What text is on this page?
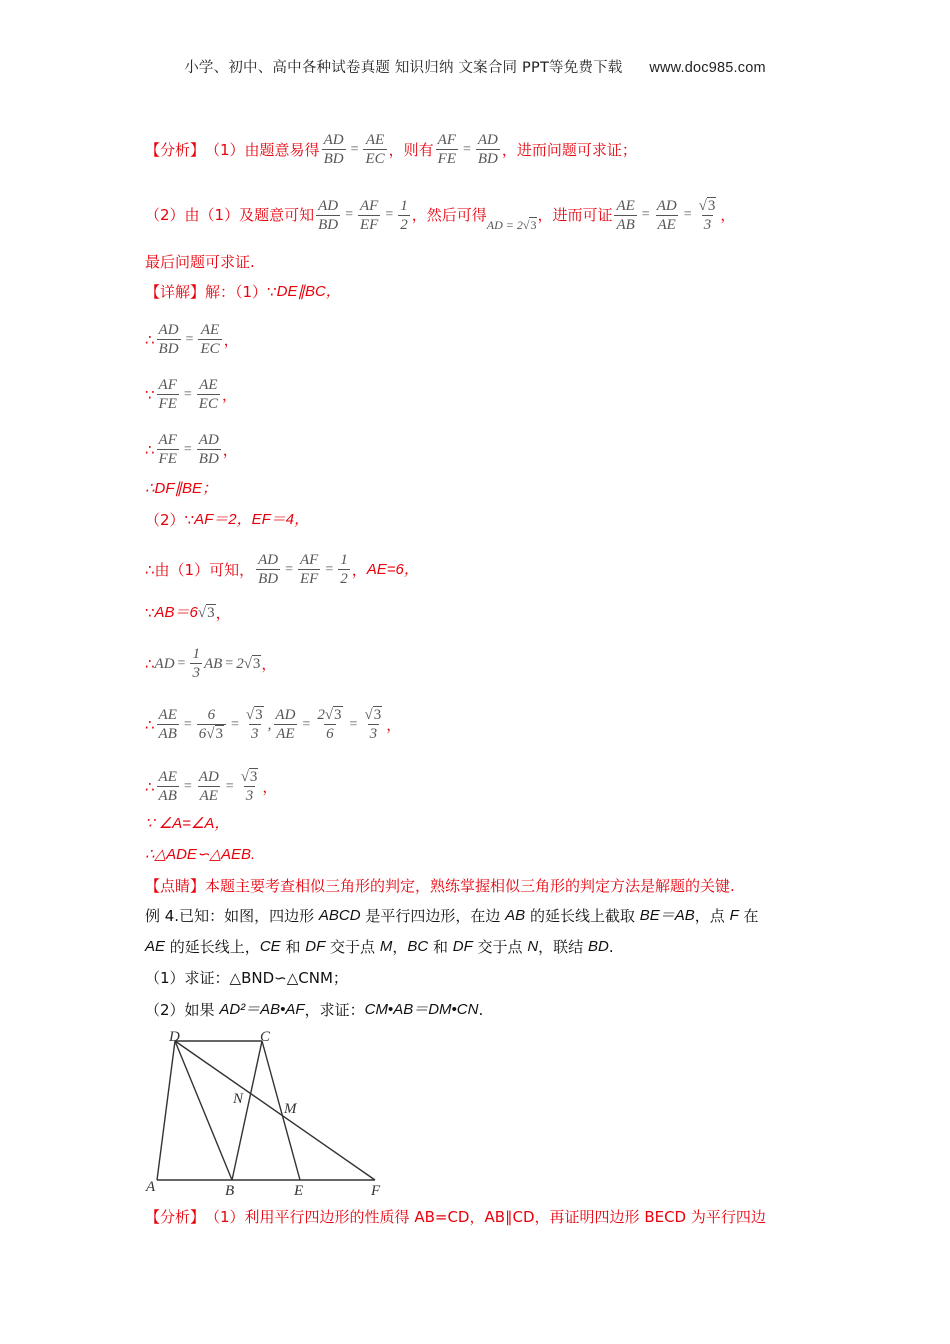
小学、初中、高中各种试卷真题 知识归纳 文案合同 PPT等免费下载 www.doc985.com
【分析】 （1）由题意易得 $\frac{AD}{BD} = \frac{AE}{EC}$ ，则有 $\frac{AF}{FE} = \frac{AD}{BD}$ ，进而问题可求证；
（2）由（1）及题意可知 $\frac{AD}{BD} = \frac{AF}{EF} = \frac{1}{2}$ ，然后可得
AD = 2√3
，进而可证 $\frac{AE}{AB} = \frac{AD}{AE} = \frac{√3}{3}$ ，
最后问题可求证.
【详解】 解：（1）∵ DE∥BC，
∴ $\frac{AD}{BD} = \frac{AE}{EC}$ ，
∵ $\frac{AF}{FE} = \frac{AE}{EC}$ ，
∴ $\frac{AF}{FE} = \frac{AD}{BD}$ ，
∴DF∥BE；
（2）∵ AF＝2，EF＝4，
∴由（1）可知， $\frac{AD}{BD} = \frac{AF}{EF} = \frac{1}{2}$ ， AE=6，
∵ AB＝6 √3 ，
∴ AD = $\frac{1}{3}$ AB = 2 √3 ，
∴ $\frac{AE}{AB} = \frac{6}{6√3} = \frac{√3}{3}$ , $\frac{AD}{AE} = \frac{2√3}{6} = \frac{√3}{3}$ ，
∴ $\frac{AE}{AB} = \frac{AD}{AE} = \frac{√3}{3}$ ，
∵ ∠A=∠A，
∴△ADE∽△AEB.
【点睛】 本题主要考查相似三角形的判定，熟练掌握相似三角形的判定方法是解题的关键.
例 4.已知：如图，四边形
ABCD
是平行四边形，在边
AB
的延长线上截取
BE＝AB ，点
F
在
AE
的延长线上， CE
和
DF
交于点
M ， BC
和
DF
交于点
N ，联结
BD .
（1）求证：△BND∽△CNM；
（2）如果
AD²＝AB•AF ，求证： CM•AB＝DM•CN .
D	C
N
M
A	B	E	F
【分析】 （1）利用平行四边形的性质得 AB=CD，AB∥CD，再证明四边形 BECD 为平行四边
